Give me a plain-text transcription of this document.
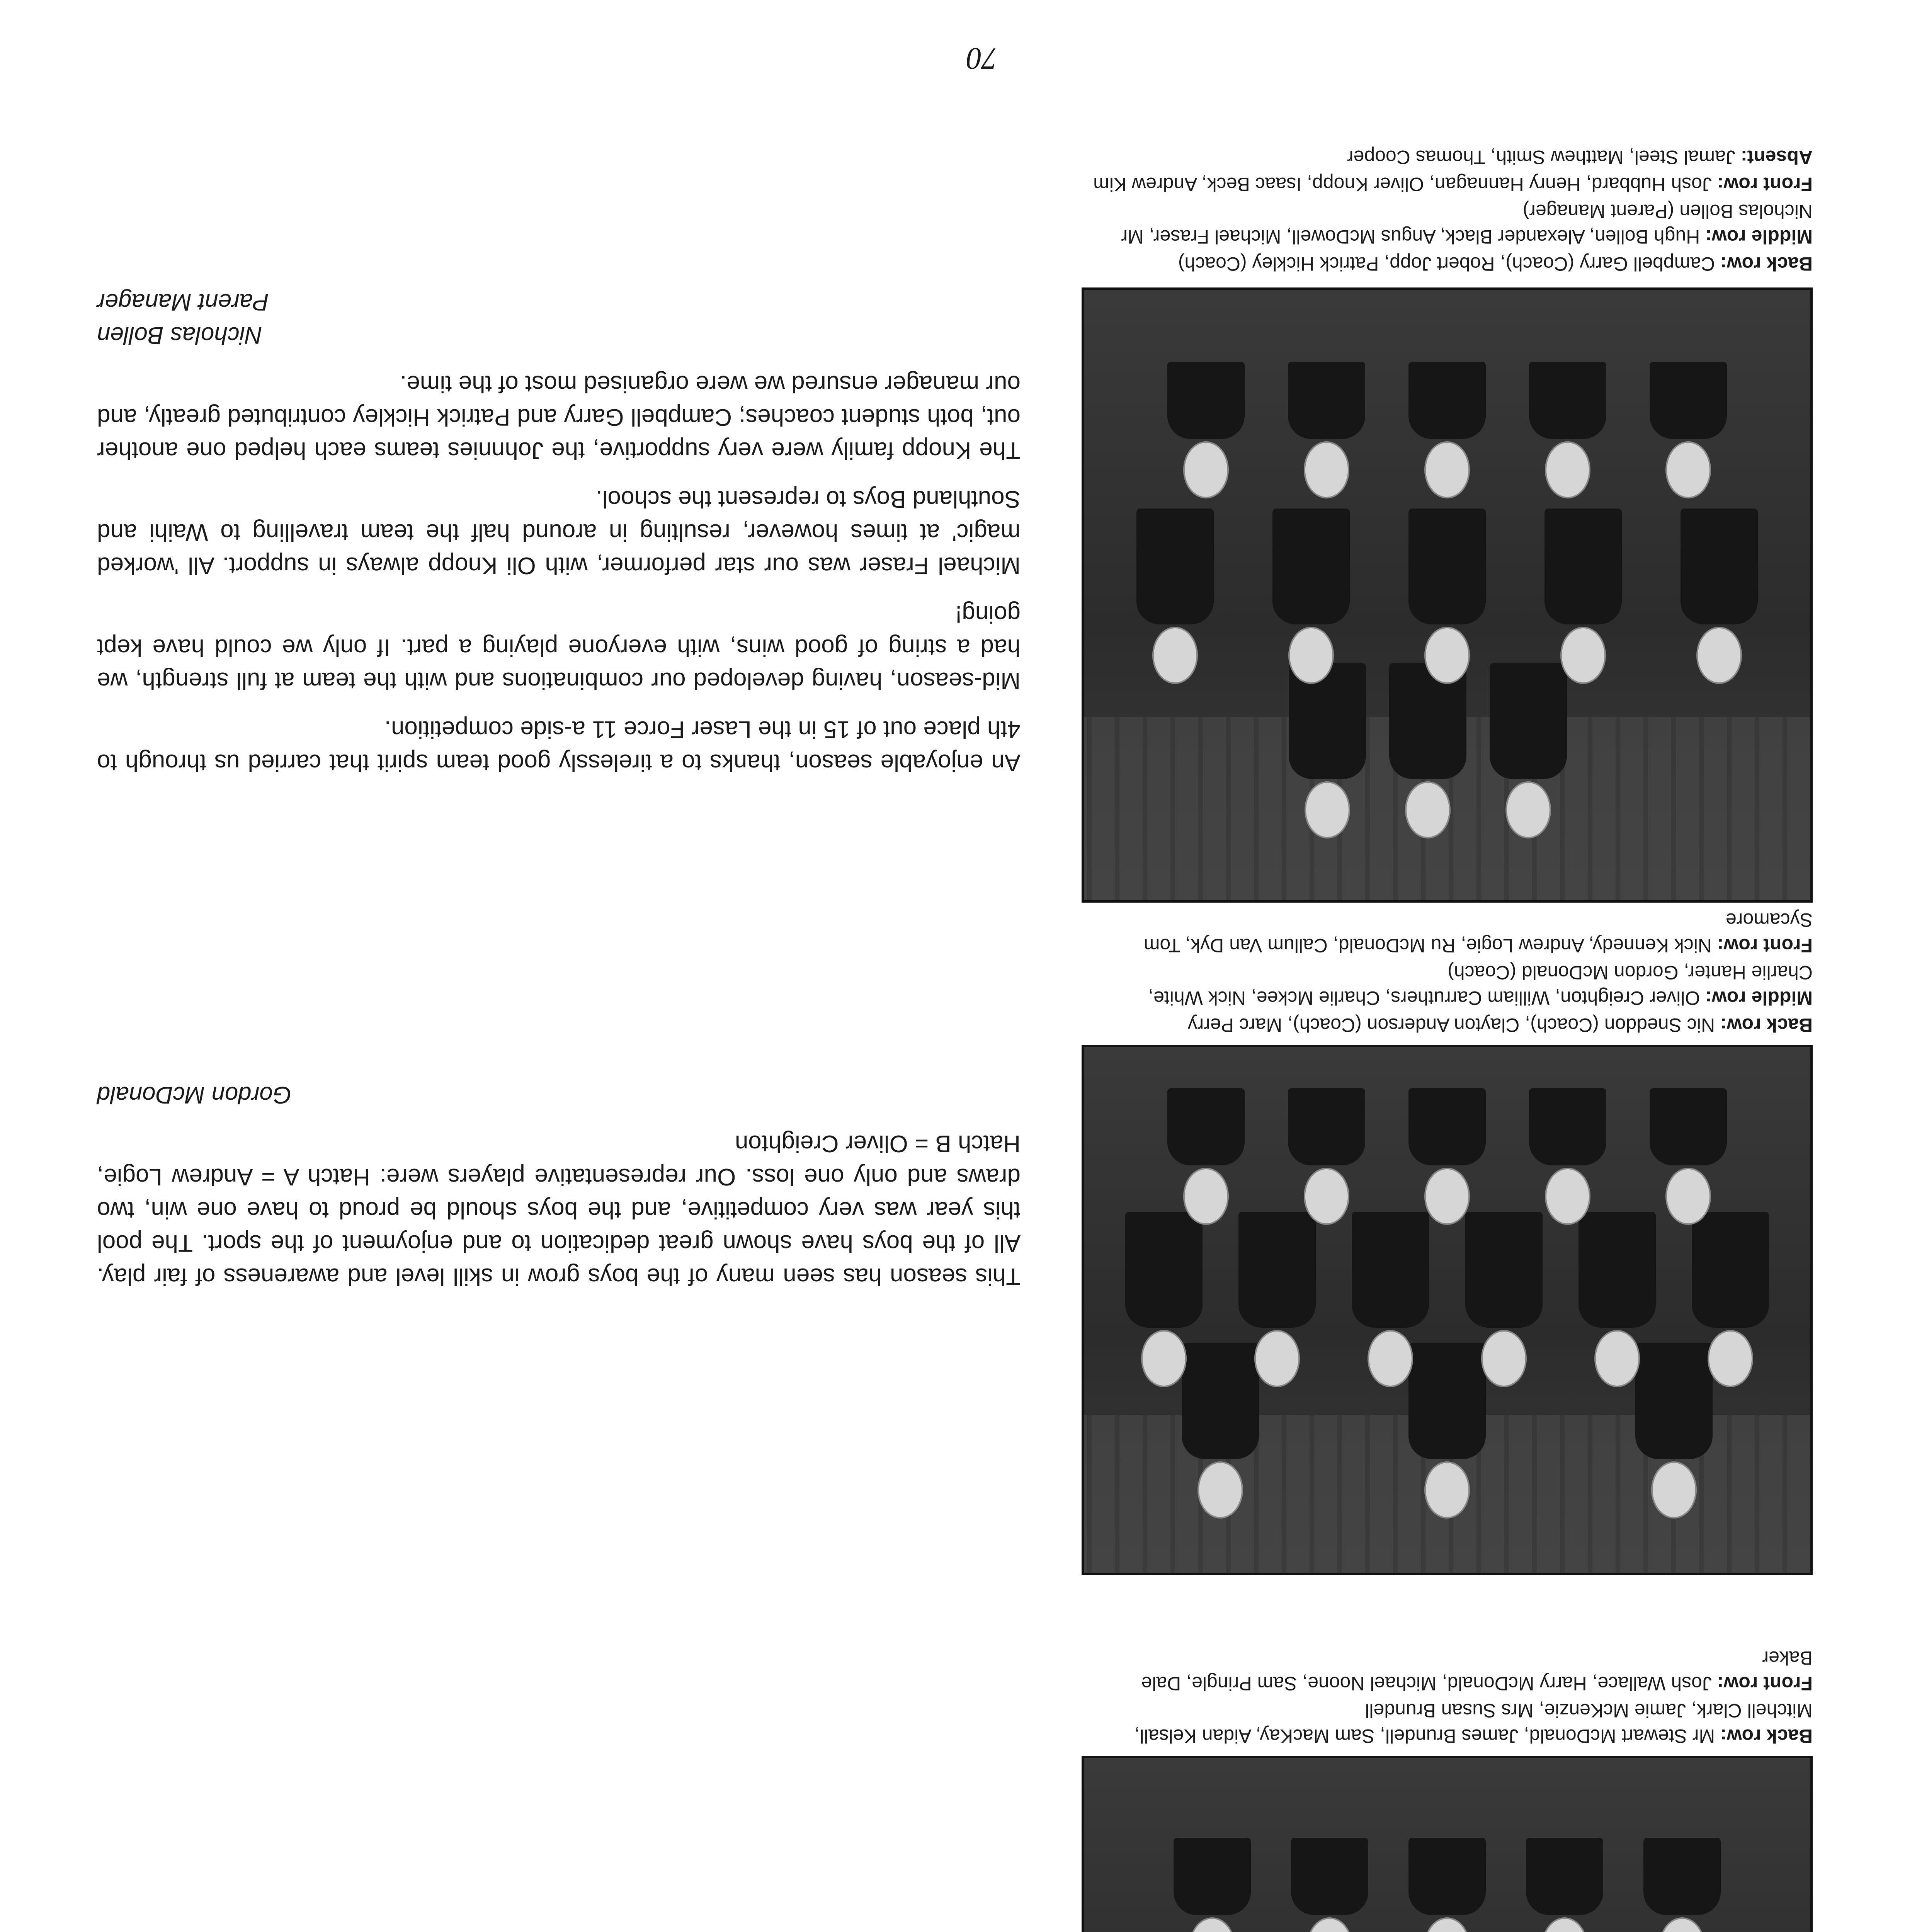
Back row: Mr Stewart McDonald, James Brundell, Sam MacKay, Aidan Kelsall, Mitchell Clark, Jamie McKenzie, Mrs Susan Brundell
Front row: Josh Wallace, Harry McDonald, Michael Noone, Sam Pringle, Dale Baker

This season has seen many of the boys grow in skill level and awareness of fair play. All of the boys have shown great dedication to and enjoyment of the sport. The pool this year was very competitive, and the boys should be proud to have one win, two draws and only one loss. Our representative players were: Hatch A = Andrew Logie, Hatch B = Oliver Creighton

Gordon McDonald
Back row: Nic Sneddon (Coach), Clayton Anderson (Coach), Marc Perry
Middle row: Oliver Creighton, William Carruthers, Charlie Mckee, Nick White, Charlie Hanter, Gordon McDonald (Coach)
Front row: Nick Kennedy, Andrew Logie, Ru McDonald, Callum Van Dyk, Tom Sycamore

An enjoyable season, thanks to a tirelessly good team spirit that carried us through to 4th place out of 15 in the Laser Force 11 a-side competition.

Mid-season, having developed our combinations and with the team at full strength, we had a string of good wins, with everyone playing a part. If only we could have kept going!

Michael Fraser was our star performer, with Oli Knopp always in support. All 'worked magic' at times however, resulting in around half the team travelling to Waihi and Southland Boys to represent the school.

The Knopp family were very supportive, the Johnnies teams each helped one another out, both student coaches; Campbell Garry and Patrick Hickley contributed greatly, and our manager ensured we were organised most of the time.

Nicholas Bollen
Parent Manager
Back row: Campbell Garry (Coach), Robert Jopp, Patrick Hickley (Coach)
Middle row: Hugh Bollen, Alexander Black, Angus McDowell, Michael Fraser, Mr Nicholas Bollen (Parent Manager)
Front row: Josh Hubbard, Henry Hannagan, Oliver Knopp, Isaac Beck, Andrew Kim
Absent: Jamal Steel, Matthew Smith, Thomas Cooper
70
